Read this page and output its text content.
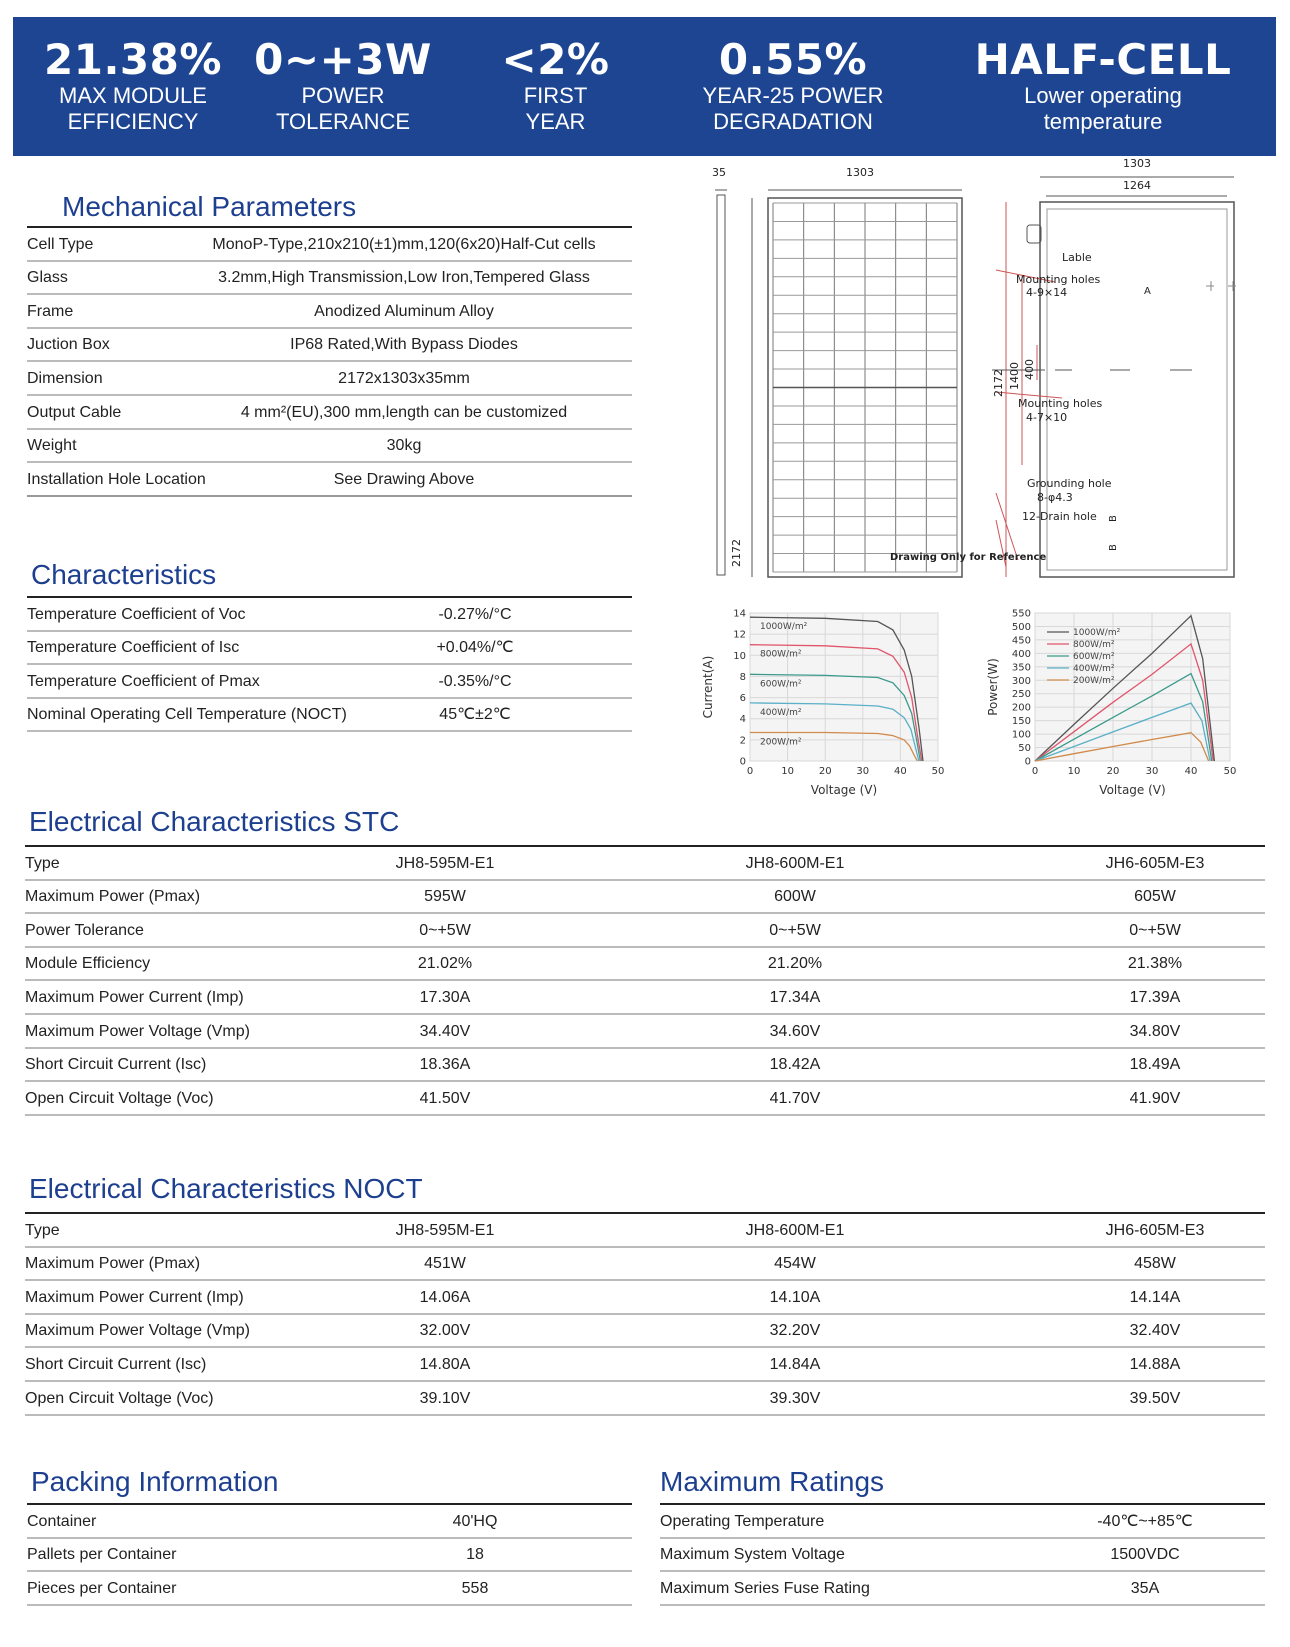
21.38%
MAX MODULE
EFFICIENCY
0~+3W
POWER
TOLERANCE
<2%
FIRST
YEAR
0.55%
YEAR-25 POWER
DEGRADATION
HALF-CELL
Lower operating
temperature
Mechanical Parameters
Cell Type	MonoP-Type,210x210(±1)mm,120(6x20)Half-Cut cells
Glass	3.2mm,High Transmission,Low Iron,Tempered Glass
Frame	Anodized Aluminum Alloy
Juction Box	IP68 Rated,With Bypass Diodes
Dimension	2172x1303x35mm
Output Cable	4 mm²(EU),300 mm,length can be customized
Weight	30kg
Installation Hole Location	See Drawing Above
Characteristics
Temperature Coefficient of Voc	-0.27%/°C
Temperature Coefficient of Isc	+0.04%/℃
Temperature Coefficient of Pmax	-0.35%/°C
Nominal Operating Cell Temperature (NOCT)	45℃±2℃
35	1303
2172
1303
1264
2172 1400 400
Lable
Mounting holes
4-9×14
Mounting holes
4-7×10
Grounding hole
8-φ4.3
12-Drain hole
A
B
B
Drawing Only for Reference
0
2
4
6
8
10
12
14
0	10 20 30 40 50
1000W/m²
800W/m²
600W/m²
400W/m²
200W/m²
Voltage (V)
Current(A)
0
50
100
150
200
250
300
350
400
450
500
550
0	10	20	30	40	50
1000W/m²
800W/m²
600W/m²
400W/m²
200W/m²
Voltage (V)
Power(W)
Electrical Characteristics STC
Type	JH8-595M-E1	JH8-600M-E1	JH6-605M-E3
Maximum Power (Pmax)	595W	600W	605W
Power Tolerance	0~+5W	0~+5W	0~+5W
Module Efficiency	21.02%	21.20%	21.38%
Maximum Power Current (Imp)	17.30A	17.34A	17.39A
Maximum Power Voltage (Vmp)	34.40V	34.60V	34.80V
Short Circuit Current (Isc)	18.36A	18.42A	18.49A
Open Circuit Voltage (Voc)	41.50V	41.70V	41.90V
Electrical Characteristics NOCT
Type	JH8-595M-E1	JH8-600M-E1	JH6-605M-E3
Maximum Power (Pmax)	451W	454W	458W
Maximum Power Current (Imp)	14.06A	14.10A	14.14A
Maximum Power Voltage (Vmp)	32.00V	32.20V	32.40V
Short Circuit Current (Isc)	14.80A	14.84A	14.88A
Open Circuit Voltage (Voc)	39.10V	39.30V	39.50V
Packing Information
Container	40'HQ
Pallets per Container	18
Pieces per Container	558
Maximum Ratings
Operating Temperature	-40℃~+85℃
Maximum System Voltage	1500VDC
Maximum Series Fuse Rating	35A
